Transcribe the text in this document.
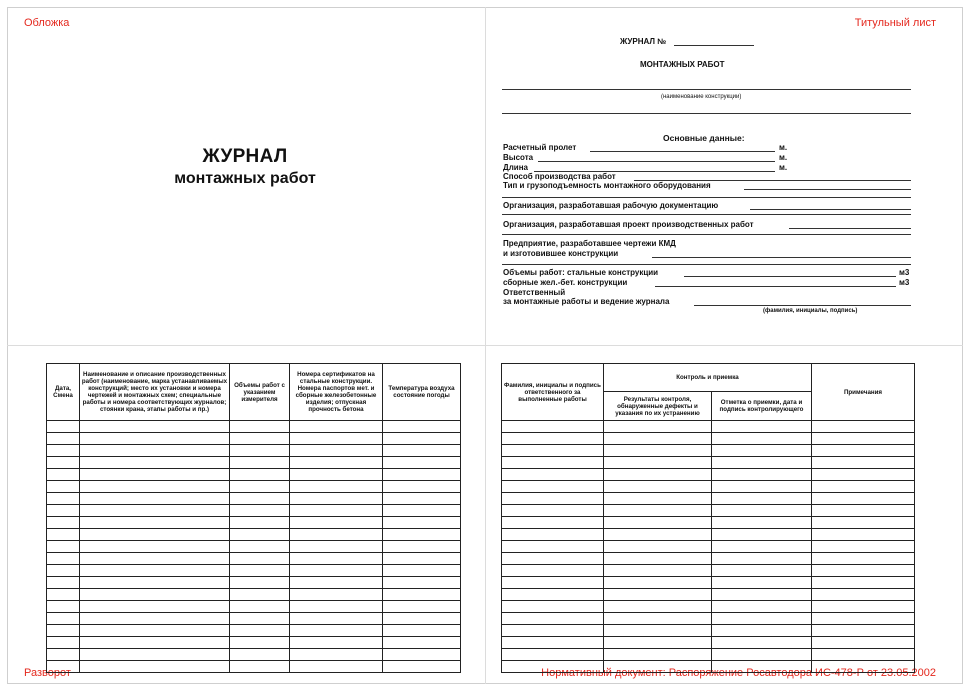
Обложка	Титульный лист
Разворот	Нормативный документ: Распоряжение Росавтодора ИС-478-Р от 23.05.2002
ЖУРНАЛ
монтажных работ
ЖУРНАЛ №
МОНТАЖНЫХ РАБОТ
(наименование конструкции)
Основные данные:
Расчетный пролет	м.
Высота	м.
Длина	м.
Способ производства работ
Тип и грузоподъемность монтажного оборудования
Организация, разработавшая рабочую документацию
Организация, разработавшая проект производственных работ
Предприятие, разработавшее чертежи КМД
и изготовившее конструкции
Объемы работ: стальные конструкции	м3
сборные жел.-бет. конструкции	м3
Ответственный
за монтажные работы и ведение журнала
(фамилия, инициалы, подпись)
Дата, Смена	Наименование и описание производственных работ (наименование, марка устанавливаемых конструкций; место их установки и номера чертежей и монтажных схем; специальные работы и номера соответствующих журналов; стоянки крана, этапы работы и пр.)	Объемы работ с указанием измерителя	Номера сертификатов на стальные конструкции. Номера паспортов мет. и сборные железобетонные изделия; отпускная прочность бетона	Температура воздуха состояние погоды

Фамилия, инициалы и подпись ответственного за выполненные работы	Контроль и приемка		Примечания
	Результаты контроля, обнаруженные дефекты и указания по их устранению	Отметка о приемки, дата и подпись контролирующего	
